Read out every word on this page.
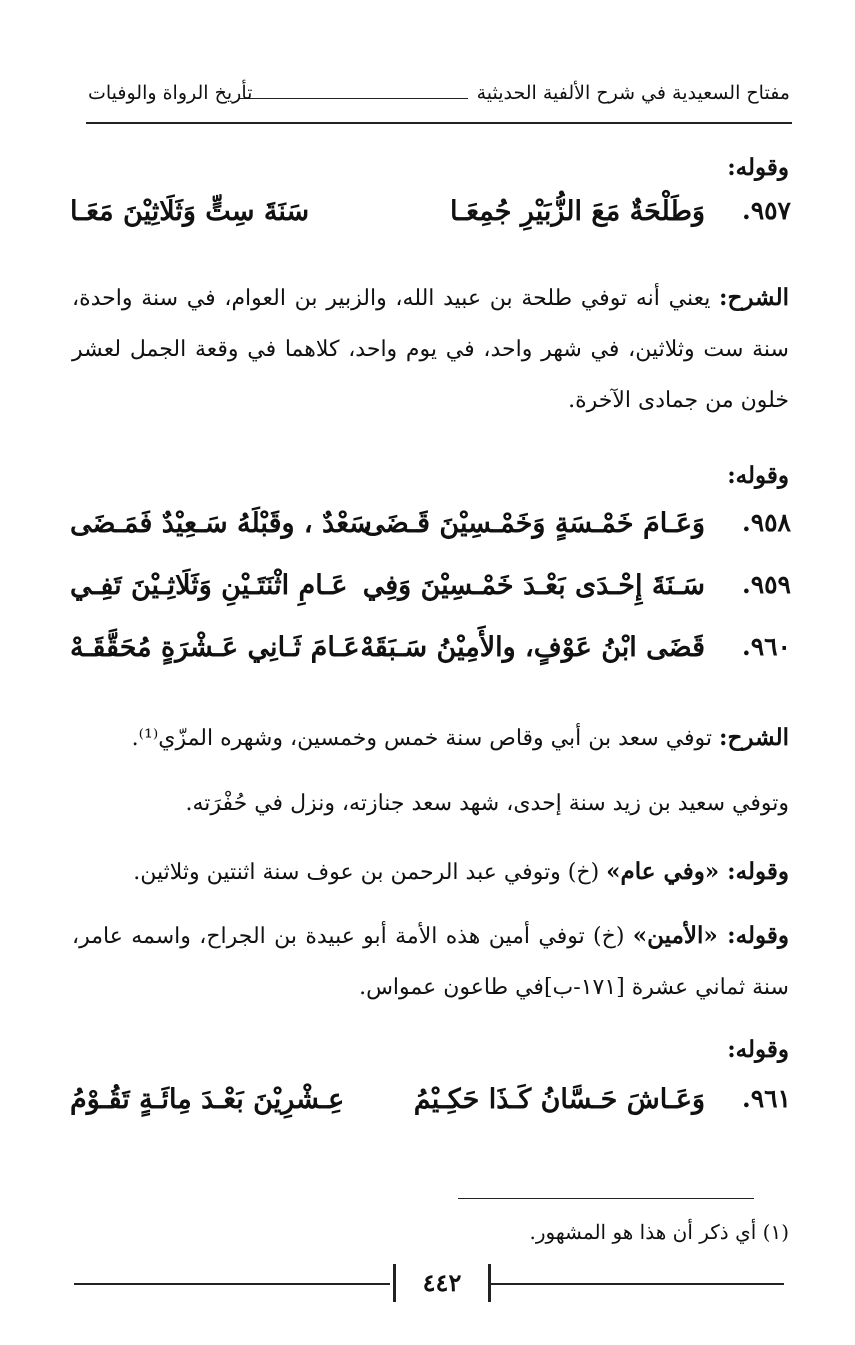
مفتاح السعيدية في شرح الألفية الحديثية
تأريخ الرواة والوفيات
وقوله:
٩٥٧.
وَطَلْحَةٌ مَعَ الزُّبَيْرِ جُمِعَـا
سَنَةَ سِتٍّ وَثَلَاثِيْنَ مَعَـا
الشرح: يعني أنه توفي طلحة بن عبيد الله، والزبير بن العوام، في سنة واحدة، سنة ست وثلاثين، في شهر واحد، في يوم واحد، كلاهما في وقعة الجمل لعشر خلون من جمادى الآخرة.
وقوله:
٩٥٨.
وَعَـامَ خَمْـسَةٍ وَخَمْـسِيْنَ قَـضَى
سَعْدٌ ، وقَبْلَهُ سَـعِيْدٌ فَمَـضَى
٩٥٩.
سَـنَةَ إِحْـدَى بَعْـدَ خَمْـسِيْنَ وَفِي
عَـامِ اثْنَتَـيْنِ وَثَلَاثِـيْنَ تَفِـي
٩٦٠.
قَضَى ابْنُ عَوْفٍ، والأَمِيْنُ سَـبَقَهْ
عَـامَ ثَـانِي عَـشْرَةٍ مُحَقَّقَـهْ
الشرح: توفي سعد بن أبي وقاص سنة خمس وخمسين، وشهره المزّي⁽¹⁾.
وتوفي سعيد بن زيد سنة إحدى، شهد سعد جنازته، ونزل في حُفْرَته.
وقوله: «وفي عام» (خ) وتوفي عبد الرحمن بن عوف سنة اثنتين وثلاثين.
وقوله: «الأمين» (خ) توفي أمين هذه الأمة أبو عبيدة بن الجراح، واسمه عامر، سنة ثماني عشرة [١٧١-ب]في طاعون عمواس.
وقوله:
٩٦١.
وَعَـاشَ حَـسَّانُ كَـذَا حَكِـيْمُ
عِـشْرِيْنَ بَعْـدَ مِائَـةٍ تَقُـوْمُ
(١) أي ذكر أن هذا هو المشهور.
٤٤٢
